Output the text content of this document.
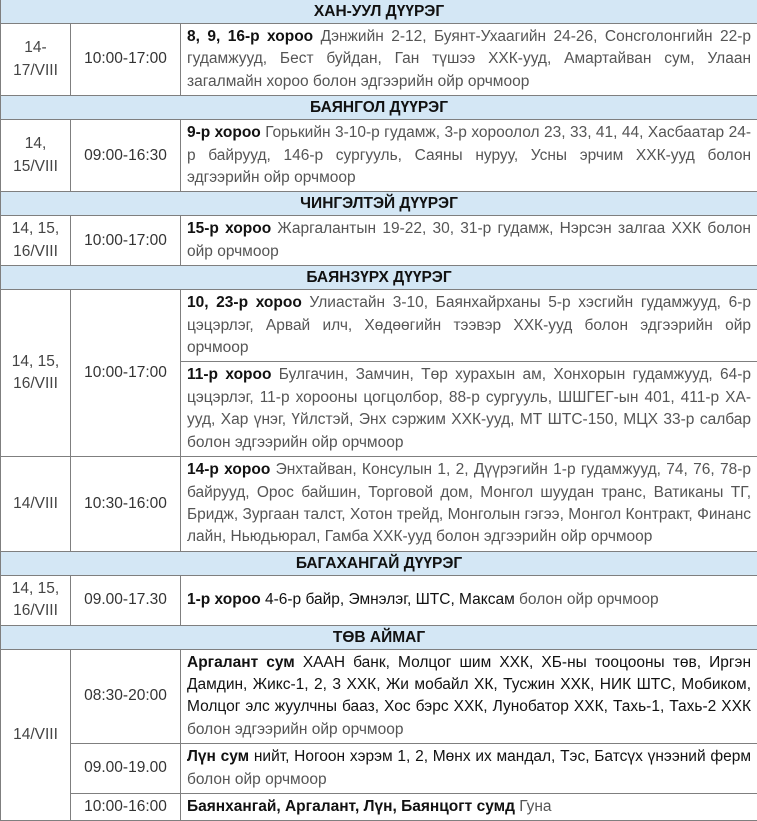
ХАН-УУЛ ДҮҮРЭГ		
14-17/VIII	10:00-17:00	8, 9, 16-р хороо Дэнжийн 2-12, Буянт-Ухаагийн 24-26, Сонсголонгийн 22-р гудамжууд, Бест буйдан, Ган түшээ ХХК-ууд, Амартайван сум, Улаан загалмайн хороо болон эдгээрийн ойр орчмоор
БАЯНГОЛ ДҮҮРЭГ		
14, 15/VIII	09:00-16:30	9-р хороо Горькийн 3-10-р гудамж, 3-р хороолол 23, 33, 41, 44, Хасбаатар 24-р байрууд, 146-р сургууль, Саяны нуруу, Усны эрчим ХХК-ууд болон эдгээрийн ойр орчмоор
ЧИНГЭЛТЭЙ ДҮҮРЭГ		
14, 15, 16/VIII	10:00-17:00	15-р хороо Жаргалантын 19-22, 30, 31-р гудамж, Нэрсэн залгаа ХХК болон ойр орчмоор
БАЯНЗҮРХ ДҮҮРЭГ		
14, 15, 16/VIII	10:00-17:00	10, 23-р хороо Улиастайн 3-10, Баянхайрханы 5-р хэсгийн гудамжууд, 6-р цэцэрлэг, Арвай илч, Хөдөөгийн тээвэр ХХК-ууд болон эдгээрийн ойр орчмоор
		11-р хороо Булгачин, Замчин, Төр хурахын ам, Хонхорын гудамжууд, 64-р цэцэрлэг, 11-р хорооны цогцолбор, 88-р сургууль, ШШГЕГ-ын 401, 411-р ХА-ууд, Хар үнэг, Үйлстэй, Энх сэржим ХХК-ууд, МТ ШТС-150, МЦХ 33-р салбар болон эдгээрийн ойр орчмоор
14/VIII	10:30-16:00	14-р хороо Энхтайван, Консулын 1, 2, Дүүрэгийн 1-р гудамжууд, 74, 76, 78-р байрууд, Орос байшин, Торговой дом, Монгол шуудан транс, Ватиканы ТГ, Бридж, Зургаан талст, Хотон трейд, Монголын гэгээ, Монгол Контракт, Финанс лайн, Ньюдьюрал, Гамба ХХК-ууд болон эдгээрийн ойр орчмоор
БАГАХАНГАЙ ДҮҮРЭГ		
14, 15, 16/VIII	09.00-17.30	1-р хороо 4-6-р байр, Эмнэлэг, ШТС, Максам болон ойр орчмоор
ТӨВ АЙМАГ		
14/VIII	08:30-20:00	Аргалант сум ХААН банк, Молцог шим ХХК, ХБ-ны тооцооны төв, Иргэн Дамдин, Жикс-1, 2, 3 ХХК, Жи мобайл ХК, Тусжин ХХК, НИК ШТС, Мобиком, Молцог элс жуулчны бааз, Хос бэрс ХХК, Лунобатор ХХК, Тахь-1, Тахь-2 ХХК болон эдгээрийн ойр орчмоор
	09.00-19.00	Лүн сум нийт, Ногоон хэрэм 1, 2, Мөнх их мандал, Тэс, Батсүх үнээний ферм болон ойр орчмоор
	10:00-16:00	Баянхангай, Аргалант, Лүн, Баянцогт сумд Гуна
